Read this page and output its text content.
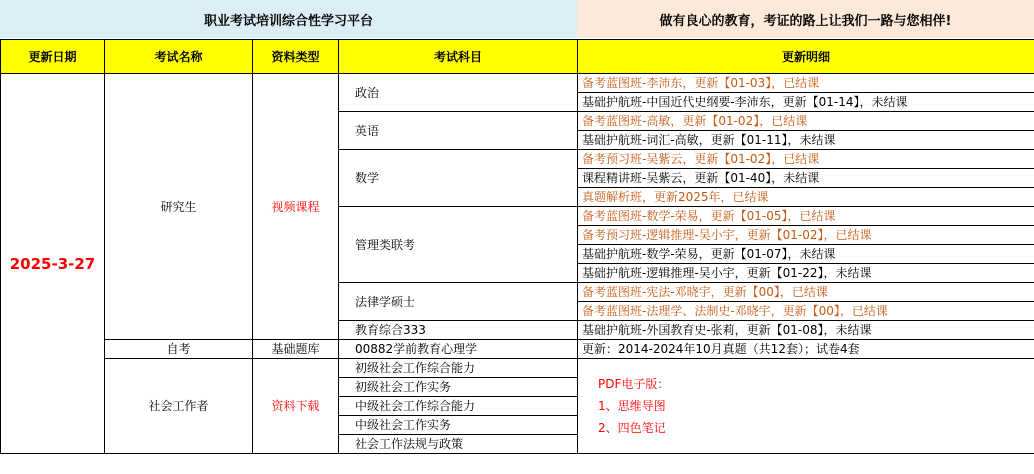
职业考试培训综合性学习平台	做有良心的教育，考证的路上让我们一路与您相伴!
更新日期	考试名称	资料类型	考试科目	更新明细
2025-3-27	研究生	视频课程	政治	备考蓝图班-李沛东，更新【01-03】，已结课
				基础护航班-中国近代史纲要-李沛东，更新【01-14】，未结课
			英语	备考蓝图班-高敏，更新【01-02】，已结课
				基础护航班-词汇-高敏，更新【01-11】，未结课
			数学	备考预习班-吴紫云，更新【01-02】，已结课
				课程精讲班-吴紫云，更新【01-40】，未结课
				真题解析班，更新2025年，已结课
			管理类联考	备考蓝图班-数学-荣易，更新【01-05】，已结课
				备考预习班-逻辑推理-吴小宇，更新【01-02】，已结课
				基础护航班-数学-荣易，更新【01-07】，未结课
				基础护航班-逻辑推理-吴小宇，更新【01-22】，未结课
			法律学硕士	备考蓝图班-宪法-邓晓宇，更新【00】，已结课
				备考蓝图班-法理学、法制史-邓晓宇，更新【00】，已结课
			教育综合333	基础护航班-外国教育史-张莉，更新【01-08】，未结课
	自考	基础题库	00882学前教育心理学	更新：2014-2024年10月真题（共12套）；试卷4套
	社会工作者	资料下载	初级社会工作综合能力	PDF电子版：
1、思维导图
2、四色笔记

			初级社会工作实务	
			中级社会工作综合能力	
			中级社会工作实务	
			社会工作法规与政策	
